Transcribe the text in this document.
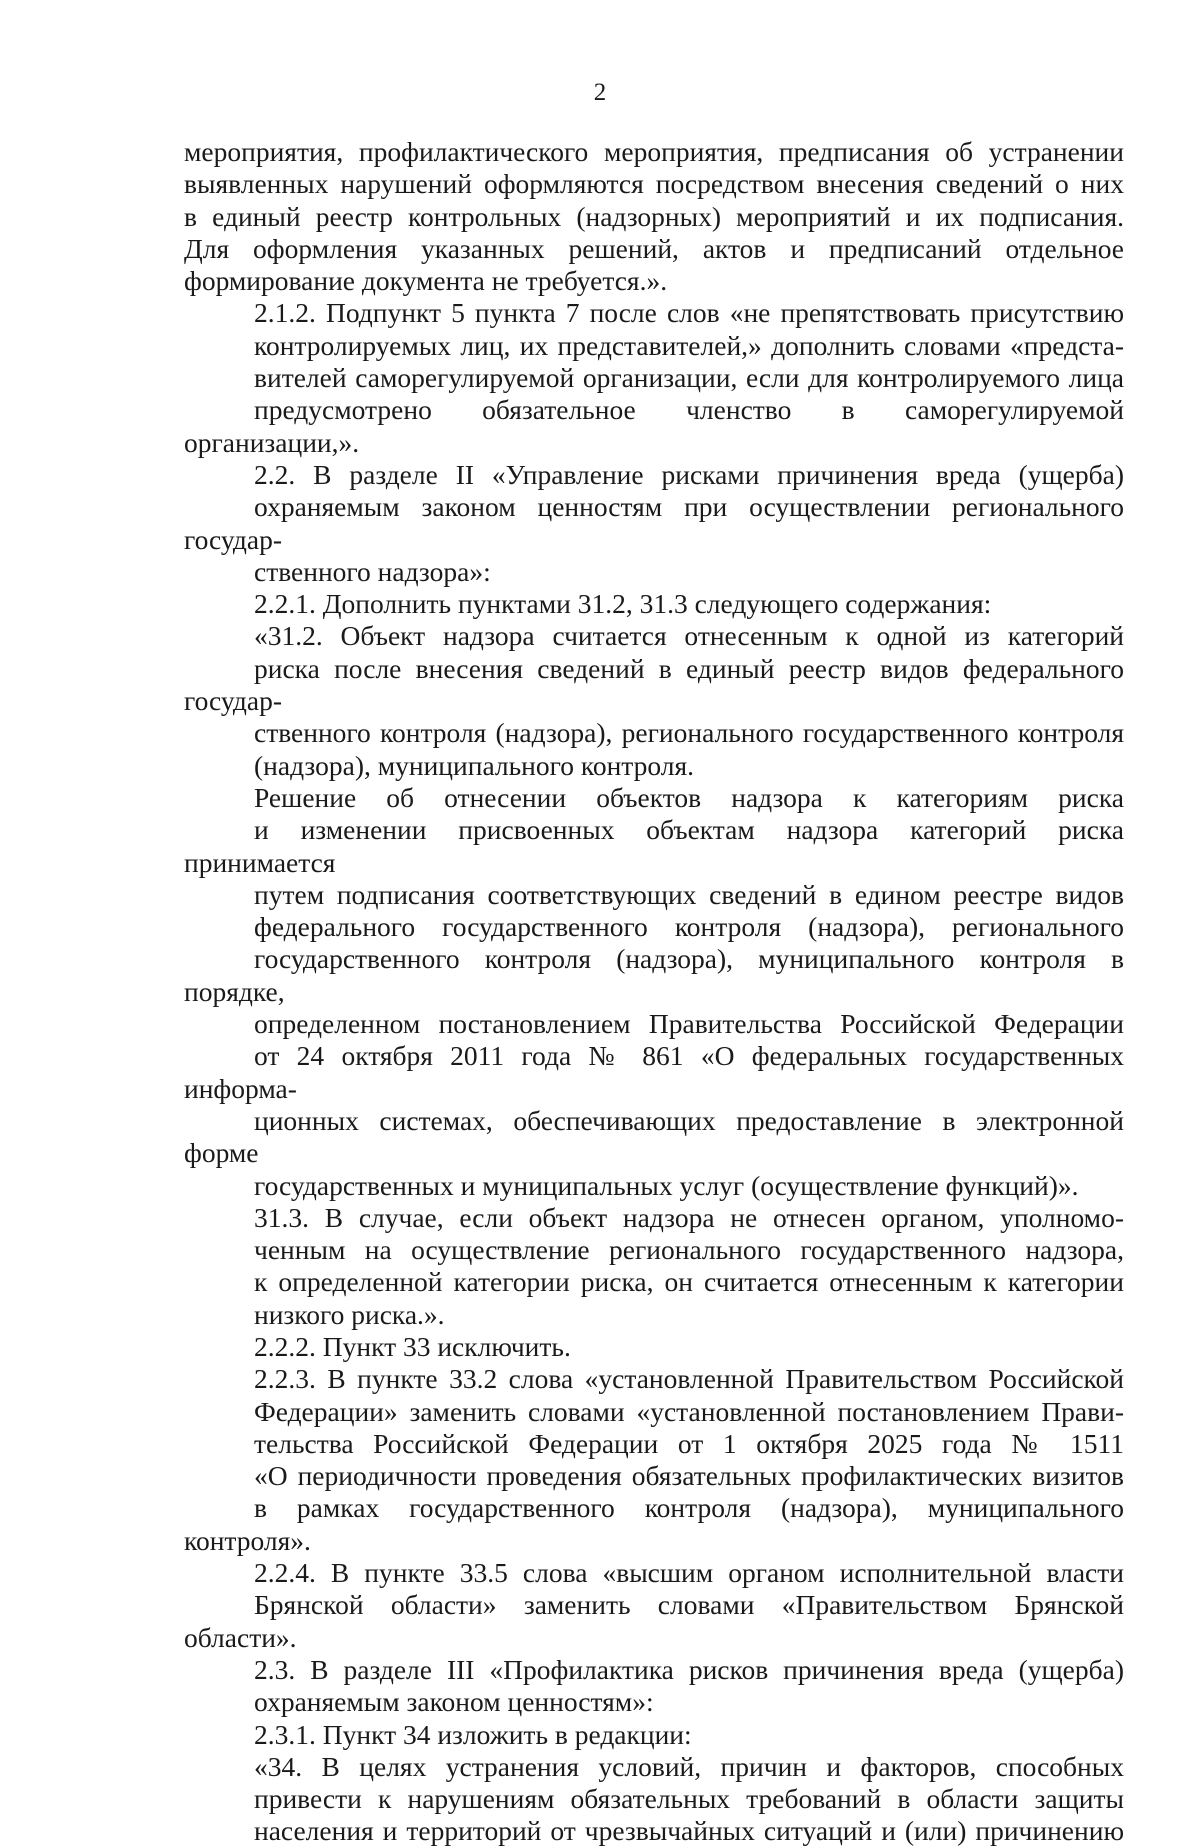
2
мероприятия, профилактического мероприятия, предписания об устранении
выявленных нарушений оформляются посредством внесения сведений о них
в единый реестр контрольных (надзорных) мероприятий и их подписания.
Для оформления указанных решений, актов и предписаний отдельное
формирование документа не требуется.».
2.1.2. Подпункт 5 пункта 7 после слов «не препятствовать присутствию
контролируемых лиц, их представителей,» дополнить словами «предста-
вителей саморегулируемой организации, если для контролируемого лица
предусмотрено обязательное членство в саморегулируемой организации,».
2.2. В разделе II «Управление рисками причинения вреда (ущерба)
охраняемым законом ценностям при осуществлении регионального государ-
ственного надзора»:
2.2.1. Дополнить пунктами 31.2, 31.3 следующего содержания:
«31.2. Объект надзора считается отнесенным к одной из категорий
риска после внесения сведений в единый реестр видов федерального государ-
ственного контроля (надзора), регионального государственного контроля
(надзора), муниципального контроля.
Решение об отнесении объектов надзора к категориям риска
и изменении присвоенных объектам надзора категорий риска принимается
путем подписания соответствующих сведений в едином реестре видов
федерального государственного контроля (надзора), регионального
государственного контроля (надзора), муниципального контроля в порядке,
определенном постановлением Правительства Российской Федерации
от 24 октября 2011 года № 861 «О федеральных государственных информа-
ционных системах, обеспечивающих предоставление в электронной форме
государственных и муниципальных услуг (осуществление функций)».
31.3. В случае, если объект надзора не отнесен органом, уполномо-
ченным на осуществление регионального государственного надзора,
к определенной категории риска, он считается отнесенным к категории
низкого риска.».
2.2.2. Пункт 33 исключить.
2.2.3. В пункте 33.2 слова «установленной Правительством Российской
Федерации» заменить словами «установленной постановлением Прави-
тельства Российской Федерации от 1 октября 2025 года № 1511
«О периодичности проведения обязательных профилактических визитов
в рамках государственного контроля (надзора), муниципального контроля».
2.2.4. В пункте 33.5 слова «высшим органом исполнительной власти
Брянской области» заменить словами «Правительством Брянской области».
2.3. В разделе III «Профилактика рисков причинения вреда (ущерба)
охраняемым законом ценностям»:
2.3.1. Пункт 34 изложить в редакции:
«34. В целях устранения условий, причин и факторов, способных
привести к нарушениям обязательных требований в области защиты
населения и территорий от чрезвычайных ситуаций и (или) причинению
